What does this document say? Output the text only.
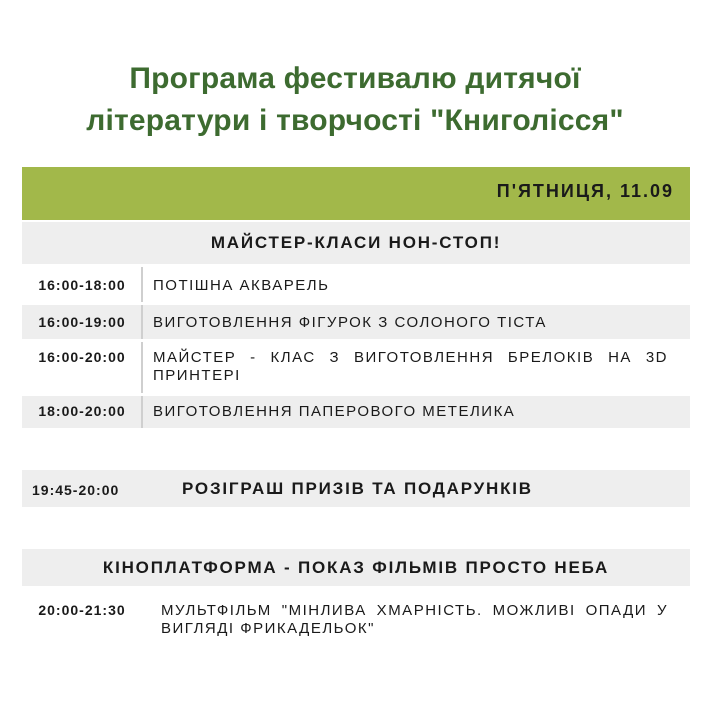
Програма фестивалю дитячої
літератури і творчості "Книголісся"
П'ЯТНИЦЯ, 11.09
МАЙСТЕР-КЛАСИ НОН-СТОП!
16:00-18:00	ПОТІШНА АКВАРЕЛЬ
16:00-19:00	ВИГОТОВЛЕННЯ ФІГУРОК З СОЛОНОГО ТІСТА
16:00-20:00	МАЙСТЕР - КЛАС З ВИГОТОВЛЕННЯ БРЕЛОКІВ НА 3D ПРИНТЕРІ
18:00-20:00	ВИГОТОВЛЕННЯ ПАПЕРОВОГО МЕТЕЛИКА
19:45-20:00	РОЗІГРАШ ПРИЗІВ ТА ПОДАРУНКІВ
КІНОПЛАТФОРМА - ПОКАЗ ФІЛЬМІВ ПРОСТО НЕБА
20:00-21:30	МУЛЬТФІЛЬМ "МІНЛИВА ХМАРНІСТЬ. МОЖЛИВІ ОПАДИ У ВИГЛЯДІ ФРИКАДЕЛЬОК"
